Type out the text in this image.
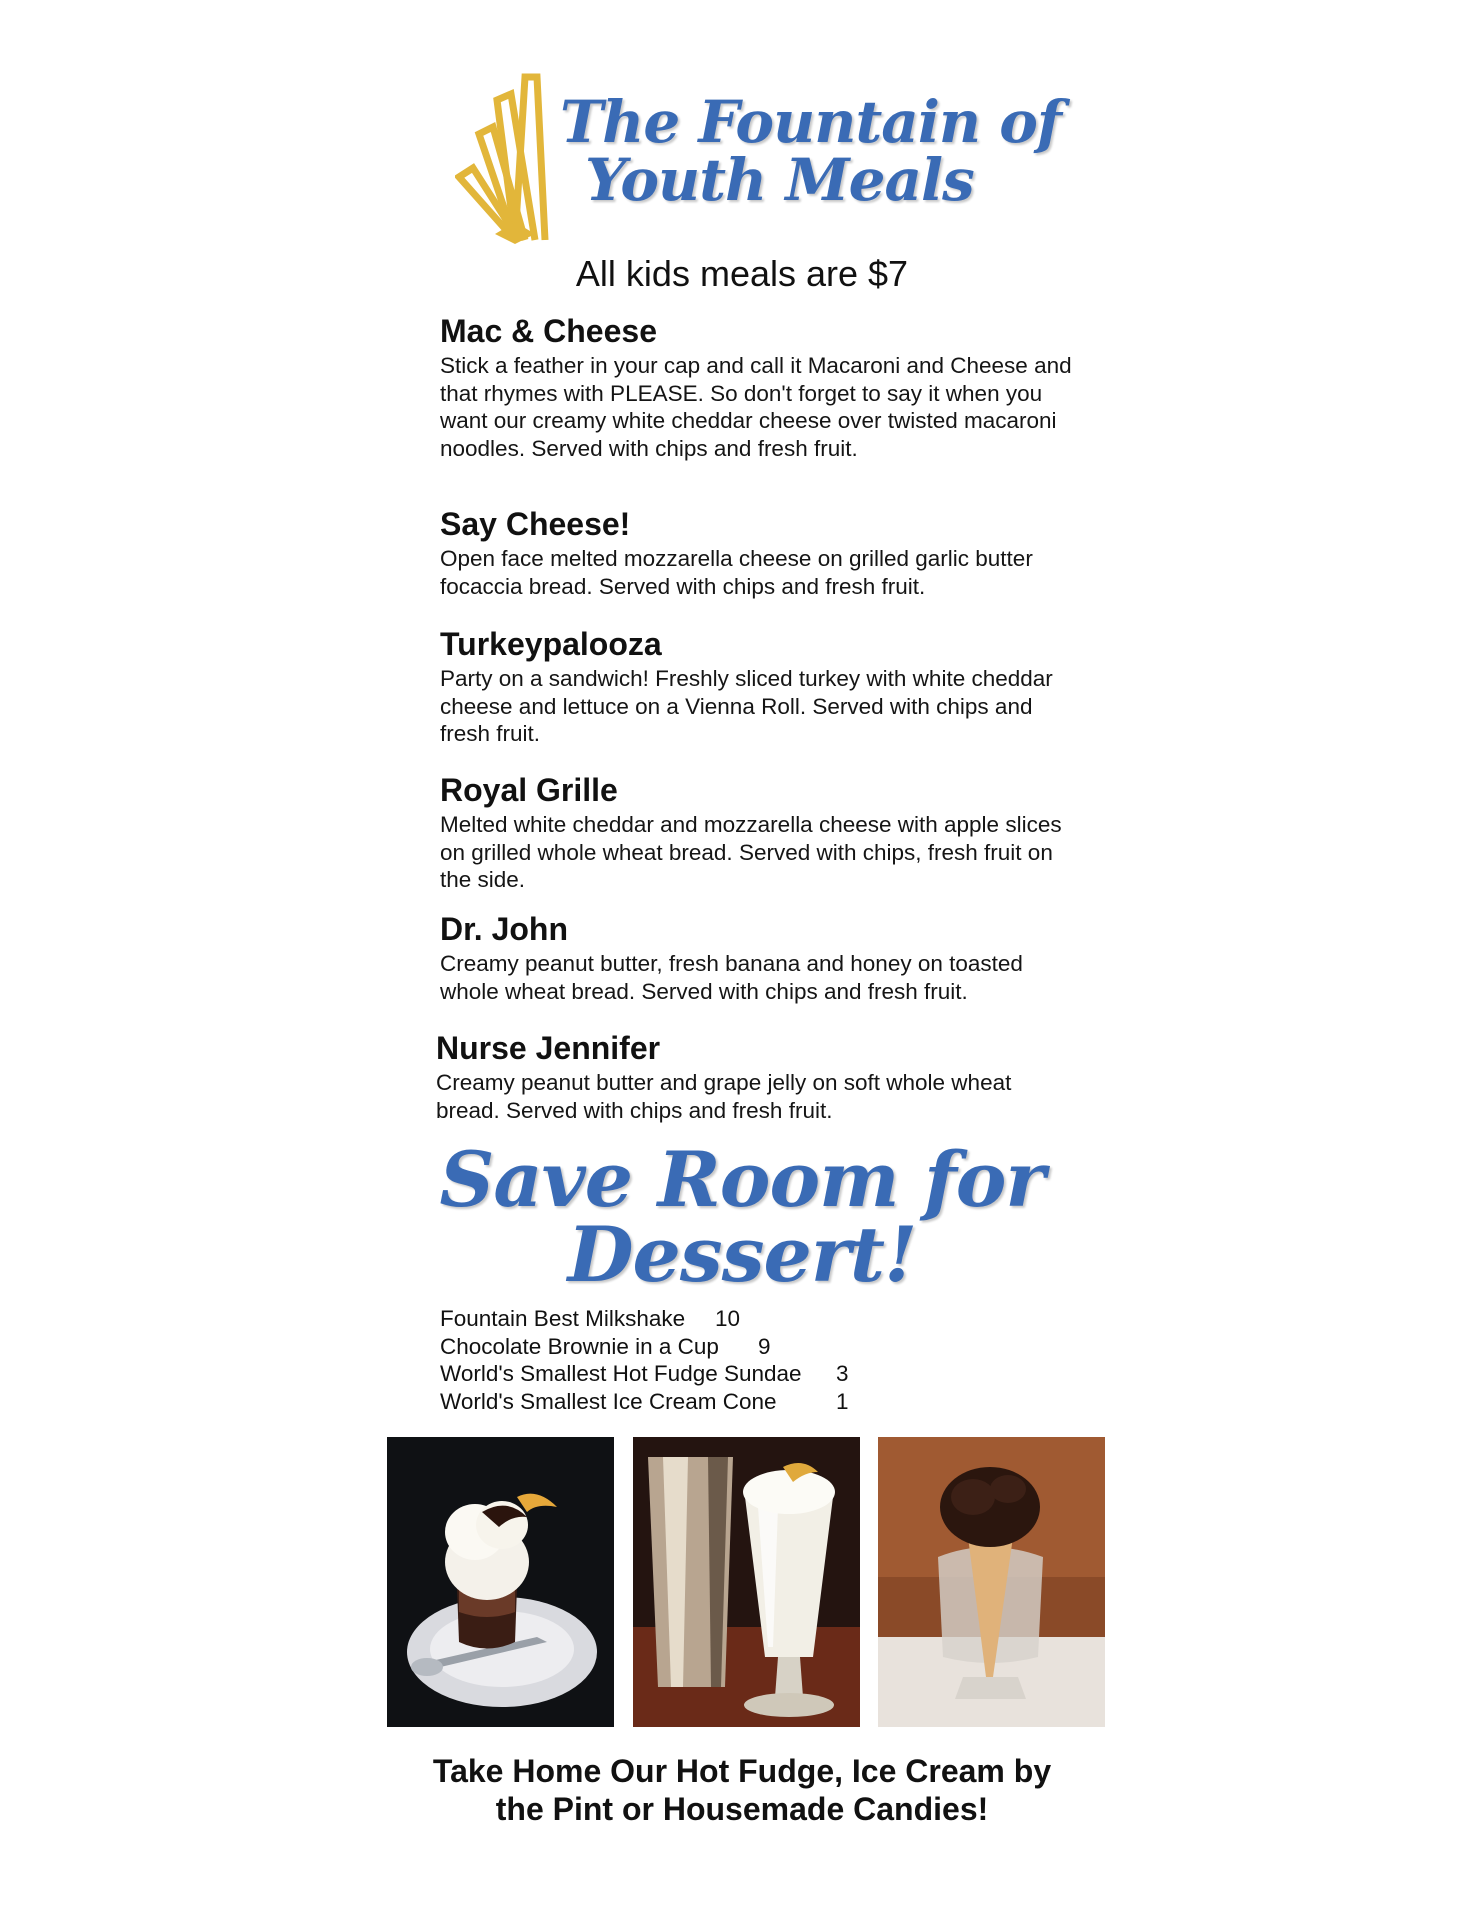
The Fountain of
Youth Meals
All kids meals are $7

Mac & Cheese

Stick a feather in your cap and call it Macaroni and Cheese and that rhymes with PLEASE. So don't forget to say it when you want our creamy white cheddar cheese over twisted macaroni noodles. Served with chips and fresh fruit.

Say Cheese!

Open face melted mozzarella cheese on grilled garlic butter focaccia bread. Served with chips and fresh fruit.

Turkeypalooza

Party on a sandwich! Freshly sliced turkey with white cheddar cheese and lettuce on a Vienna Roll. Served with chips and fresh fruit.

Royal Grille

Melted white cheddar and mozzarella cheese with apple slices on grilled whole wheat bread. Served with chips, fresh fruit on the side.

Dr. John

Creamy peanut butter, fresh banana and honey on toasted whole wheat bread. Served with chips and fresh fruit.

Nurse Jennifer

Creamy peanut butter and grape jelly on soft whole wheat bread. Served with chips and fresh fruit.

Save Room for
Dessert!
Fountain Best Milkshake 10
Chocolate Brownie in a Cup 9
World's Smallest Hot Fudge Sundae 3
World's Smallest Ice Cream Cone	1
Take Home Our Hot Fudge, Ice Cream by
the Pint or Housemade Candies!
